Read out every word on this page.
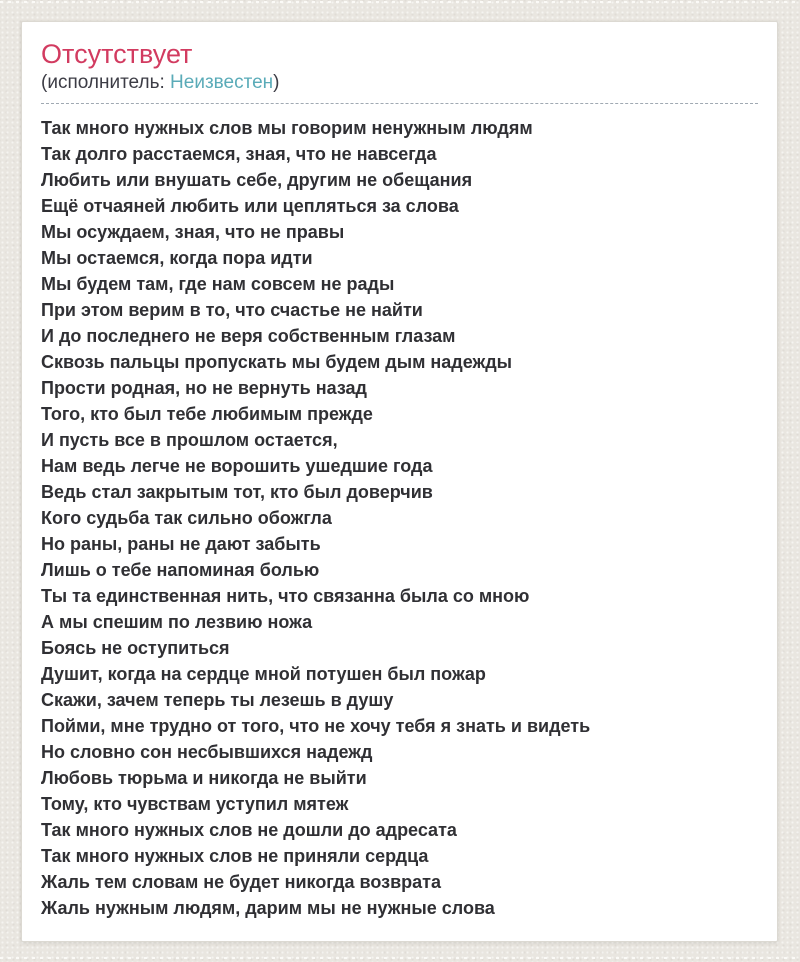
Отсутствует
(исполнитель: Неизвестен)
Так много нужных слов мы говорим ненужным людям
Так долго расстаемся, зная, что не навсегда
Любить или внушать себе, другим не обещания
Ещё отчаяней любить или цепляться за слова
Мы осуждаем, зная, что не правы
Мы остаемся, когда пора идти
Мы будем там, где нам совсем не рады
При этом верим в то, что счастье не найти
И до последнего не веря собственным глазам
Сквозь пальцы пропускать мы будем дым надежды
Прости родная, но не вернуть назад
Того, кто был тебе любимым прежде
И пусть все в прошлом остается,
Нам ведь легче не ворошить ушедшие года
Ведь стал закрытым тот, кто был доверчив
Кого судьба так сильно обожгла
Но раны, раны не дают забыть
Лишь о тебе напоминая болью
Ты та единственная нить, что связанна была со мною
А мы спешим по лезвию ножа
Боясь не оступиться
Душит, когда на сердце мной потушен был пожар
Скажи, зачем теперь ты лезешь в душу
Пойми, мне трудно от того, что не хочу тебя я знать и видеть
Но словно сон несбывшихся надежд
Любовь тюрьма и никогда не выйти
Тому, кто чувствам уступил мятеж
Так много нужных слов не дошли до адресата
Так много нужных слов не приняли сердца
Жаль тем словам не будет никогда возврата
Жаль нужным людям, дарим мы не нужные слова
